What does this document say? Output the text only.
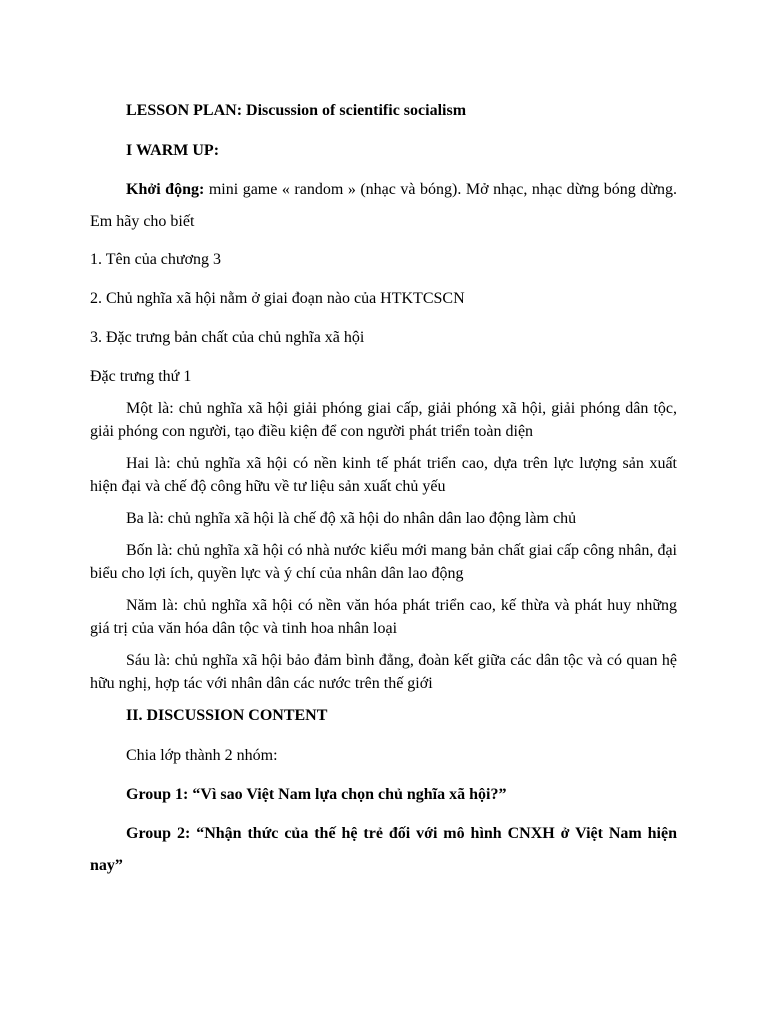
LESSON PLAN: Discussion of scientific socialism

I WARM UP:

Khởi động: mini game « random » (nhạc và bóng). Mở nhạc, nhạc dừng bóng dừng. Em hãy cho biết

1. Tên của chương 3

2. Chủ nghĩa xã hội nằm ở giai đoạn nào của HTKTCSCN

3. Đặc trưng bản chất của chủ nghĩa xã hội

Đặc trưng thứ 1

Một là: chủ nghĩa xã hội giải phóng giai cấp, giải phóng xã hội, giải phóng dân tộc, giải phóng con người, tạo điều kiện để con người phát triển toàn diện

Hai là: chủ nghĩa xã hội có nền kinh tế phát triển cao, dựa trên lực lượng sản xuất hiện đại và chế độ công hữu về tư liệu sản xuất chủ yếu

Ba là: chủ nghĩa xã hội là chế độ xã hội do nhân dân lao động làm chủ

Bốn là: chủ nghĩa xã hội có nhà nước kiểu mới mang bản chất giai cấp công nhân, đại biểu cho lợi ích, quyền lực và ý chí của nhân dân lao động

Năm là: chủ nghĩa xã hội có nền văn hóa phát triển cao, kế thừa và phát huy những giá trị của văn hóa dân tộc và tinh hoa nhân loại

Sáu là: chủ nghĩa xã hội bảo đảm bình đẳng, đoàn kết giữa các dân tộc và có quan hệ hữu nghị, hợp tác với nhân dân các nước trên thế giới

II. DISCUSSION CONTENT

Chia lớp thành 2 nhóm:

Group 1: “Vì sao Việt Nam lựa chọn chủ nghĩa xã hội?”

Group 2: “Nhận thức của thế hệ trẻ đối với mô hình CNXH ở Việt Nam hiện nay”
